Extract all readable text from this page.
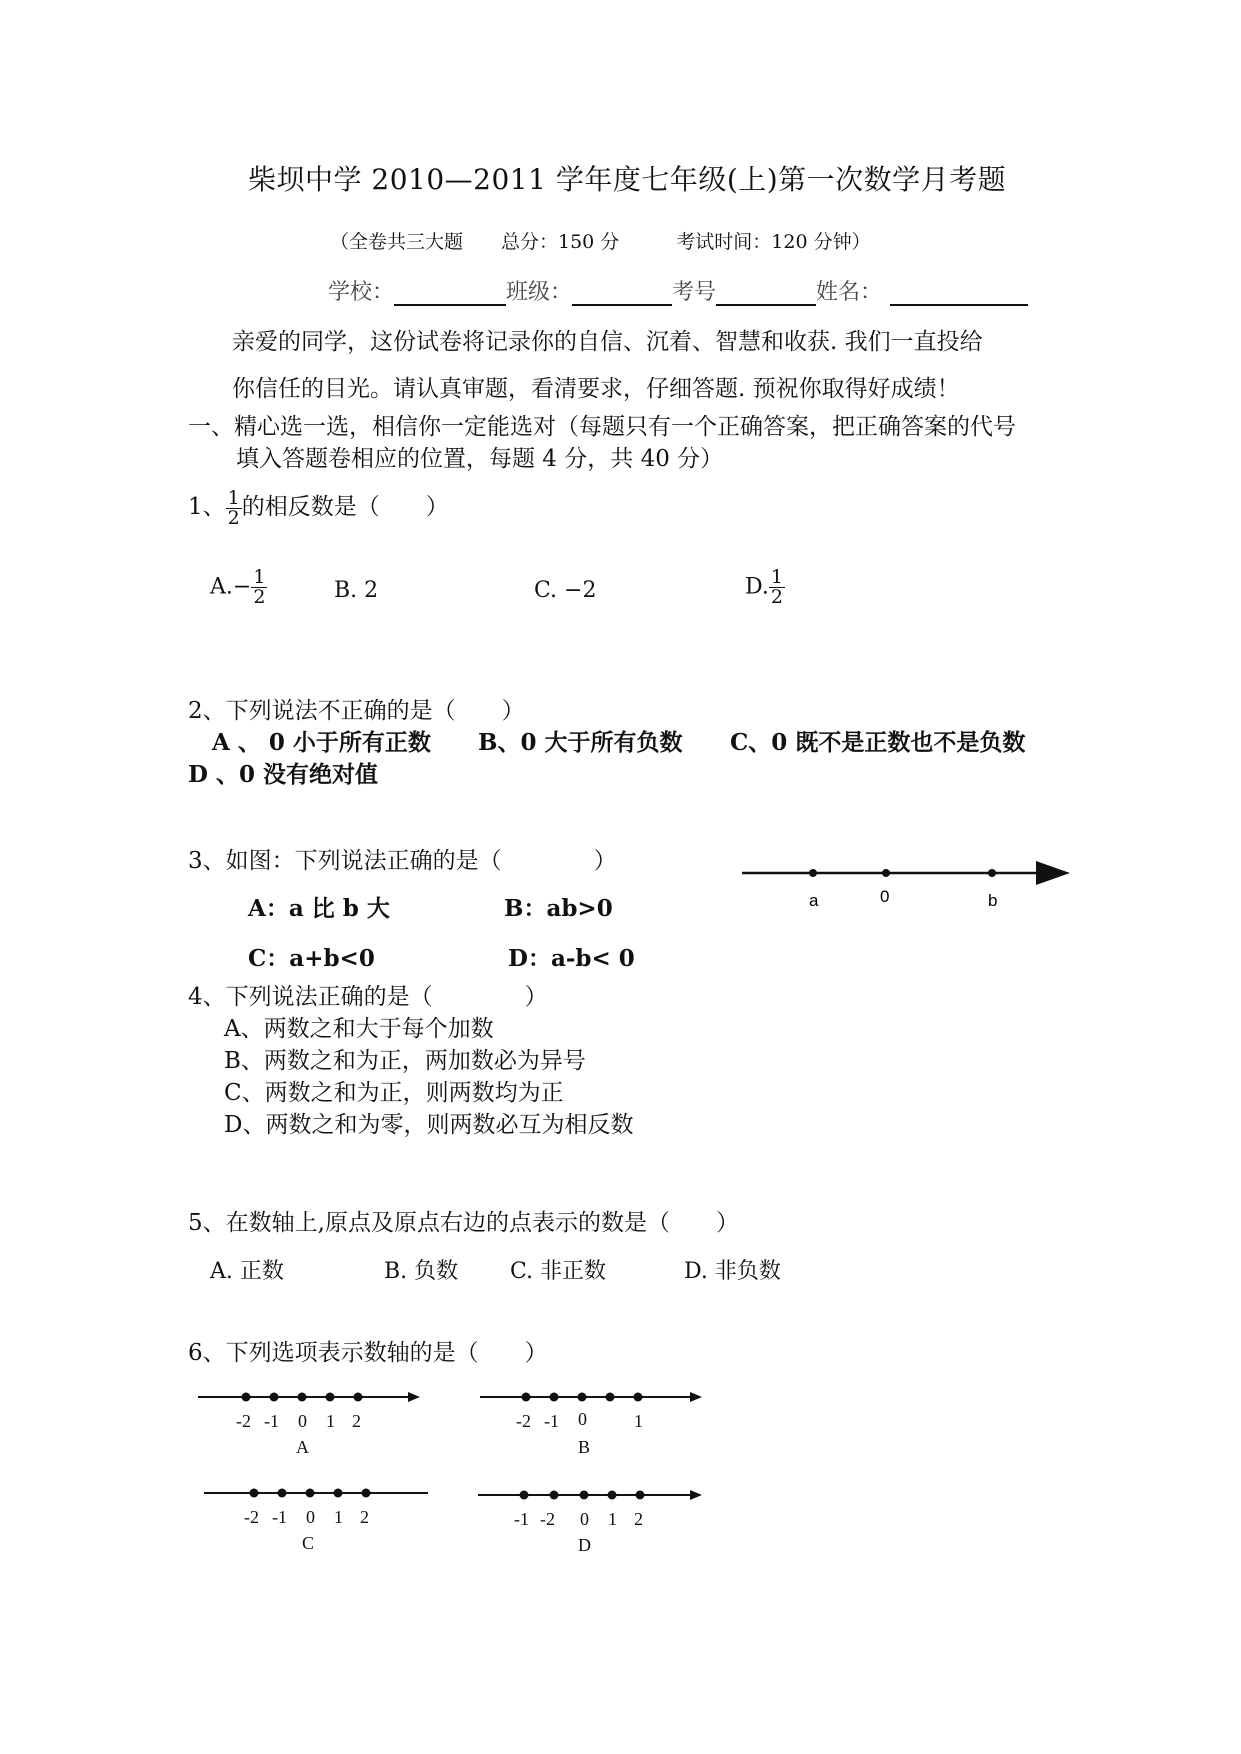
柴坝中学 2010—2011 学年度七年级(上)第一次数学月考题
（全卷共三大题　　总分：150 分　　　考试时间：120 分钟）
学校：	班级：	考号	姓名：
亲爱的同学，这份试卷将记录你的自信、沉着、智慧和收获. 我们一直投给
你信任的目光。请认真审题，看清要求，仔细答题. 预祝你取得好成绩！
一、精心选一选，相信你一定能选对（每题只有一个正确答案，把正确答案的代号
填入答题卷相应的位置，每题 4 分，共 40 分）
1、 $\frac{1}{2}$ 的相反数是（　　）
$A.- \frac{1}{2}$	B. 2	C. −2	D. $\frac{1}{2}$
2、下列说法不正确的是（　　）
A 、 0 小于所有正数 B、0 大于所有负数 C、0 既不是正数也不是负数
D 、0 没有绝对值
3、如图：下列说法正确的是（　　　　）
A：a 比 b 大	B：ab>0
C：a+b<0	D：a-b< 0
a	0	b
4、下列说法正确的是（　　　　）
A、两数之和大于每个加数
B、两数之和为正，两加数必为异号
C、两数之和为正，则两数均为正
D、两数之和为零，则两数必互为相反数
5、在数轴上,原点及原点右边的点表示的数是（　　）
A. 正数	B. 负数 C. 非正数	D. 非负数
6、下列选项表示数轴的是（　　）
-2 -1 0 1 2
A
-2 -1 0	1
B
-2 -1 0 1 2
C
-1 -2 0 1 2
D
